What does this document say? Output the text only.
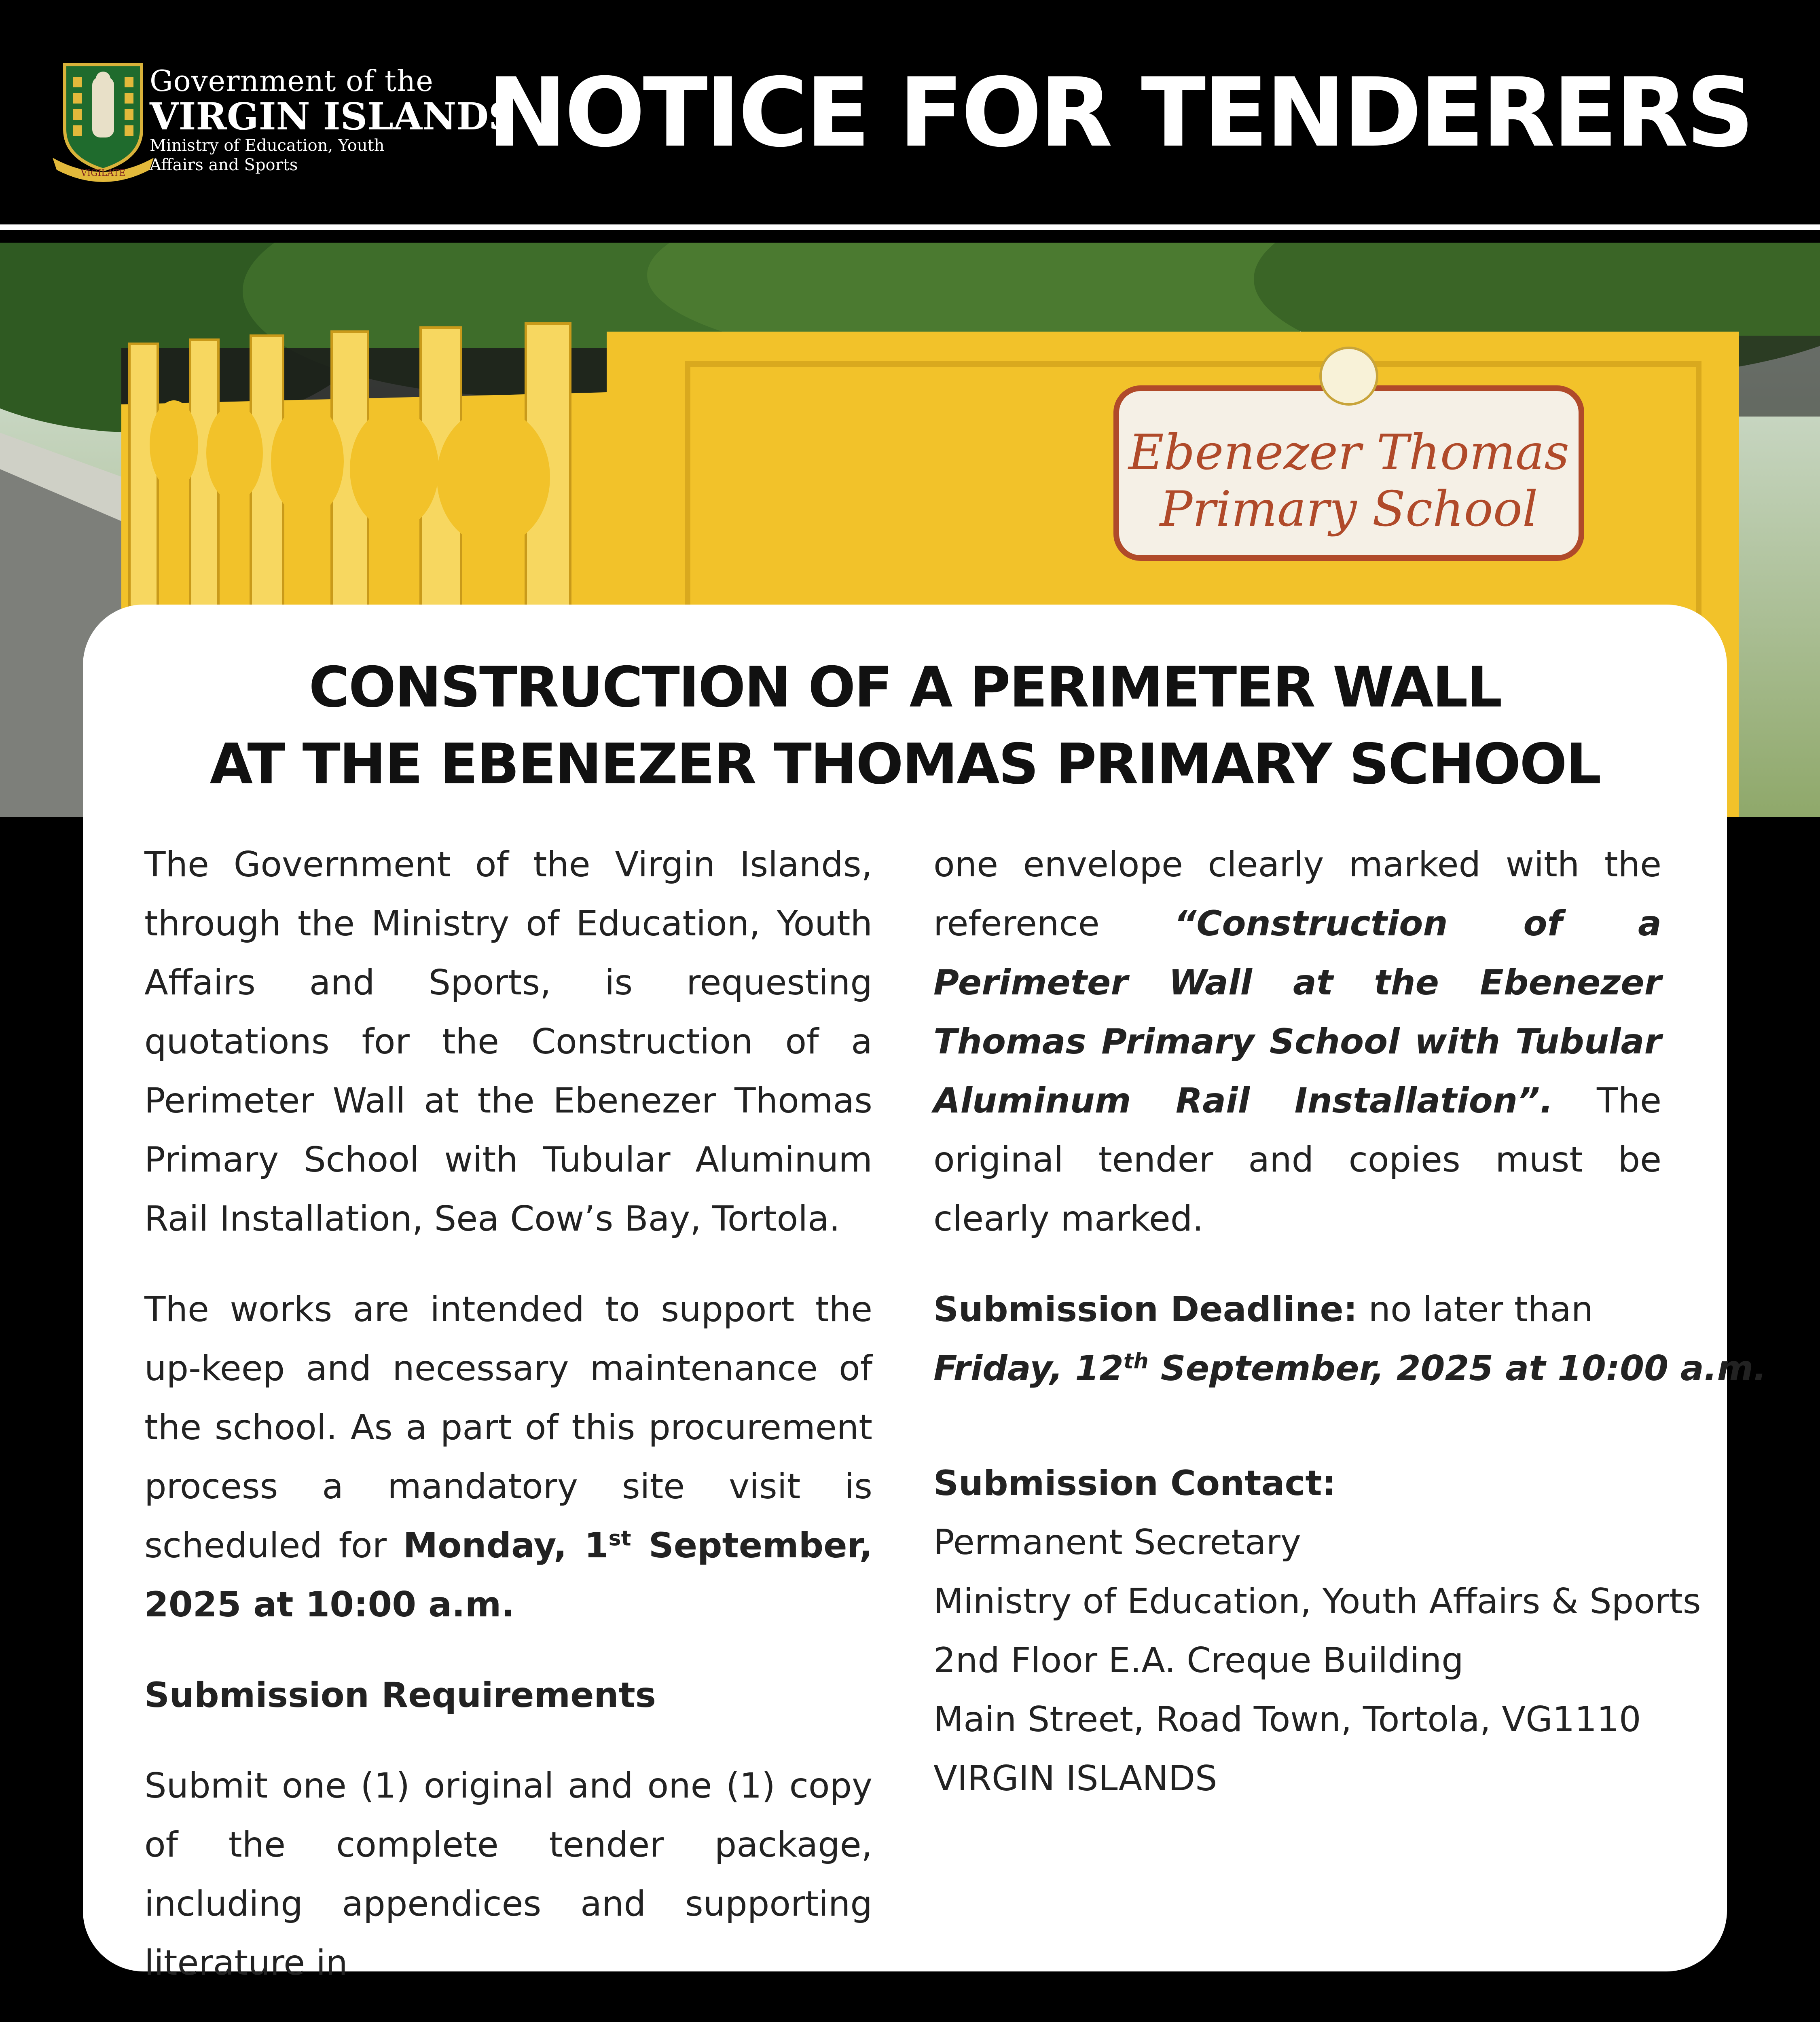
VIGILATE
Government of the
VIRGIN ISLANDS
Ministry of Education, Youth Affairs and Sports	NOTICE FOR TENDERERS
Ebenezer Thomas
Primary School
CONSTRUCTION OF A PERIMETER WALL
AT THE EBENEZER THOMAS PRIMARY SCHOOL

The Government of the Virgin Islands, through the Ministry of Education, Youth Affairs and Sports, is requesting quotations for the Construction of a Perimeter Wall at the Ebenezer Thomas Primary School with Tubular Aluminum Rail Installation, Sea Cow’s Bay, Tortola.

The works are intended to support the up-keep and necessary maintenance of the school. As a part of this procurement process a mandatory site visit is scheduled for Monday, 1st September, 2025 at 10:00 a.m.

Submission Requirements

Submit one (1) original and one (1) copy of the complete tender package, including appendices and supporting literature in

one envelope clearly marked with the reference “Construction of a Perimeter Wall at the Ebenezer Thomas Primary School with Tubular Aluminum Rail Installation”. The original tender and copies must be clearly marked.

Submission Deadline: no later than
Friday, 12th September, 2025 at 10:00 a.m.
Submission Contact:
Permanent Secretary
Ministry of Education, Youth Affairs & Sports
2nd Floor E.A. Creque Building
Main Street, Road Town, Tortola, VG1110
VIRGIN ISLANDS
